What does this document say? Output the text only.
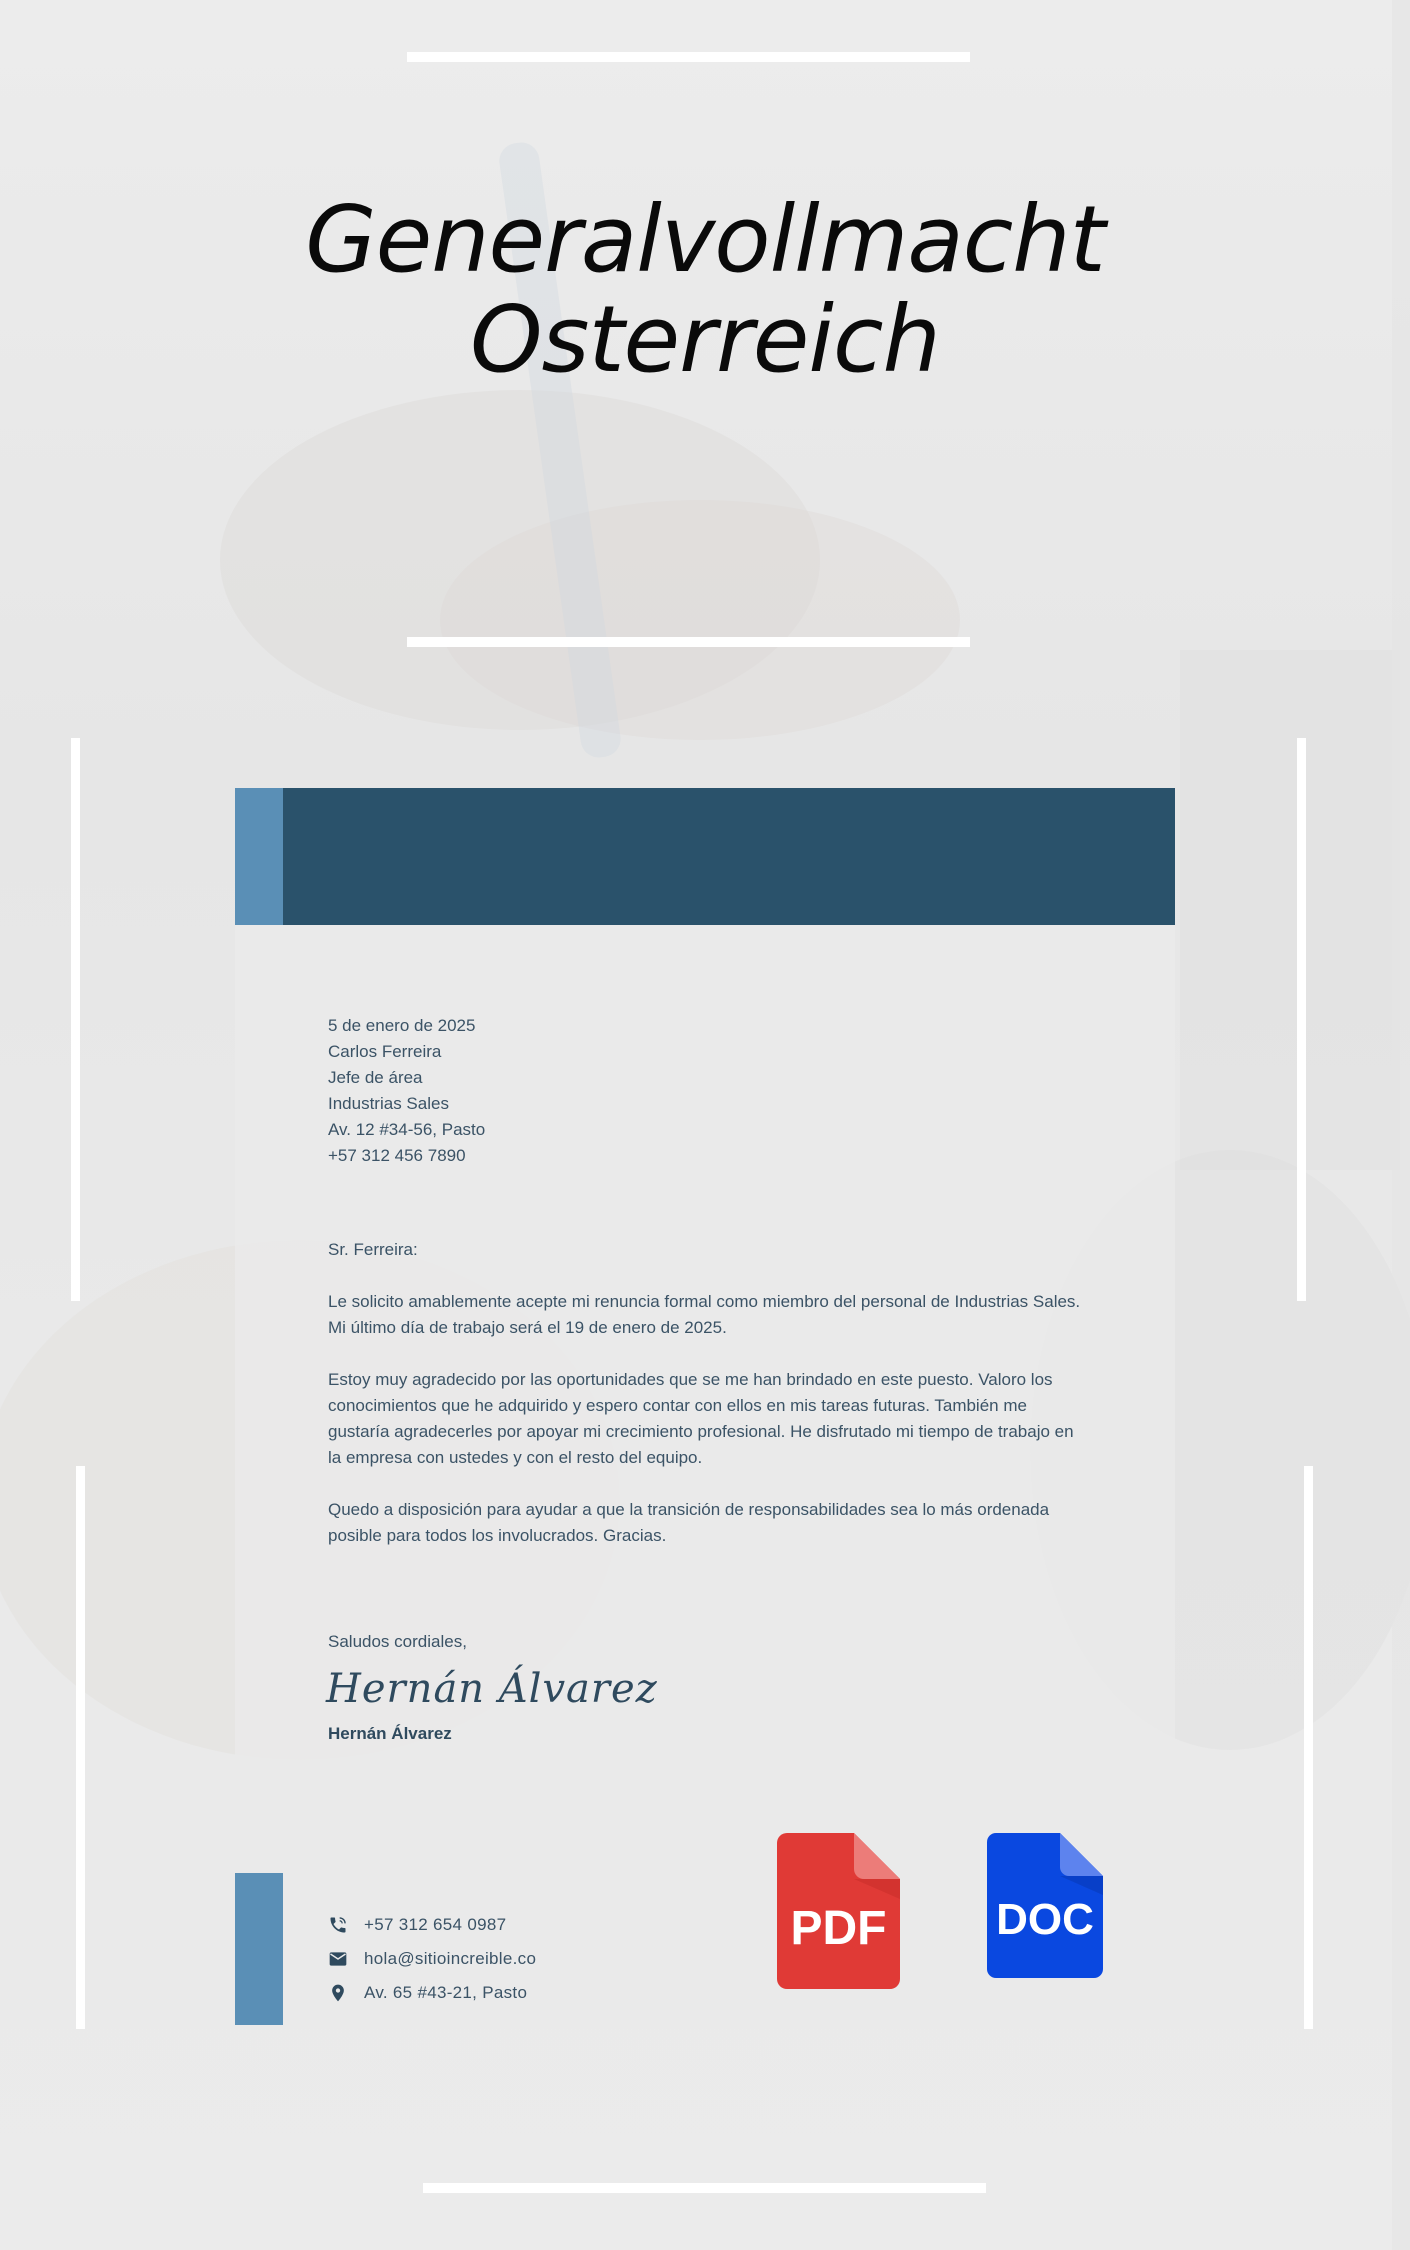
Generalvollmacht
Osterreich
5 de enero de 2025
Carlos Ferreira
Jefe de área
Industrias Sales
Av. 12 #34-56, Pasto
+57 312 456 7890

Sr. Ferreira:

Le solicito amablemente acepte mi renuncia formal como miembro del personal de Industrias Sales. Mi último día de trabajo será el 19 de enero de 2025.

Estoy muy agradecido por las oportunidades que se me han brindado en este puesto. Valoro los conocimientos que he adquirido y espero contar con ellos en mis tareas futuras. También me gustaría agradecerles por apoyar mi crecimiento profesional. He disfrutado mi tiempo de trabajo en la empresa con ustedes y con el resto del equipo.

Quedo a disposición para ayudar a que la transición de responsabilidades sea lo más ordenada posible para todos los involucrados. Gracias.

Saludos cordiales,
Hernán Álvarez
Hernán Álvarez
+57 312 654 0987
hola@sitioincreible.co
Av. 65 #43-21, Pasto
PDF	DOC
